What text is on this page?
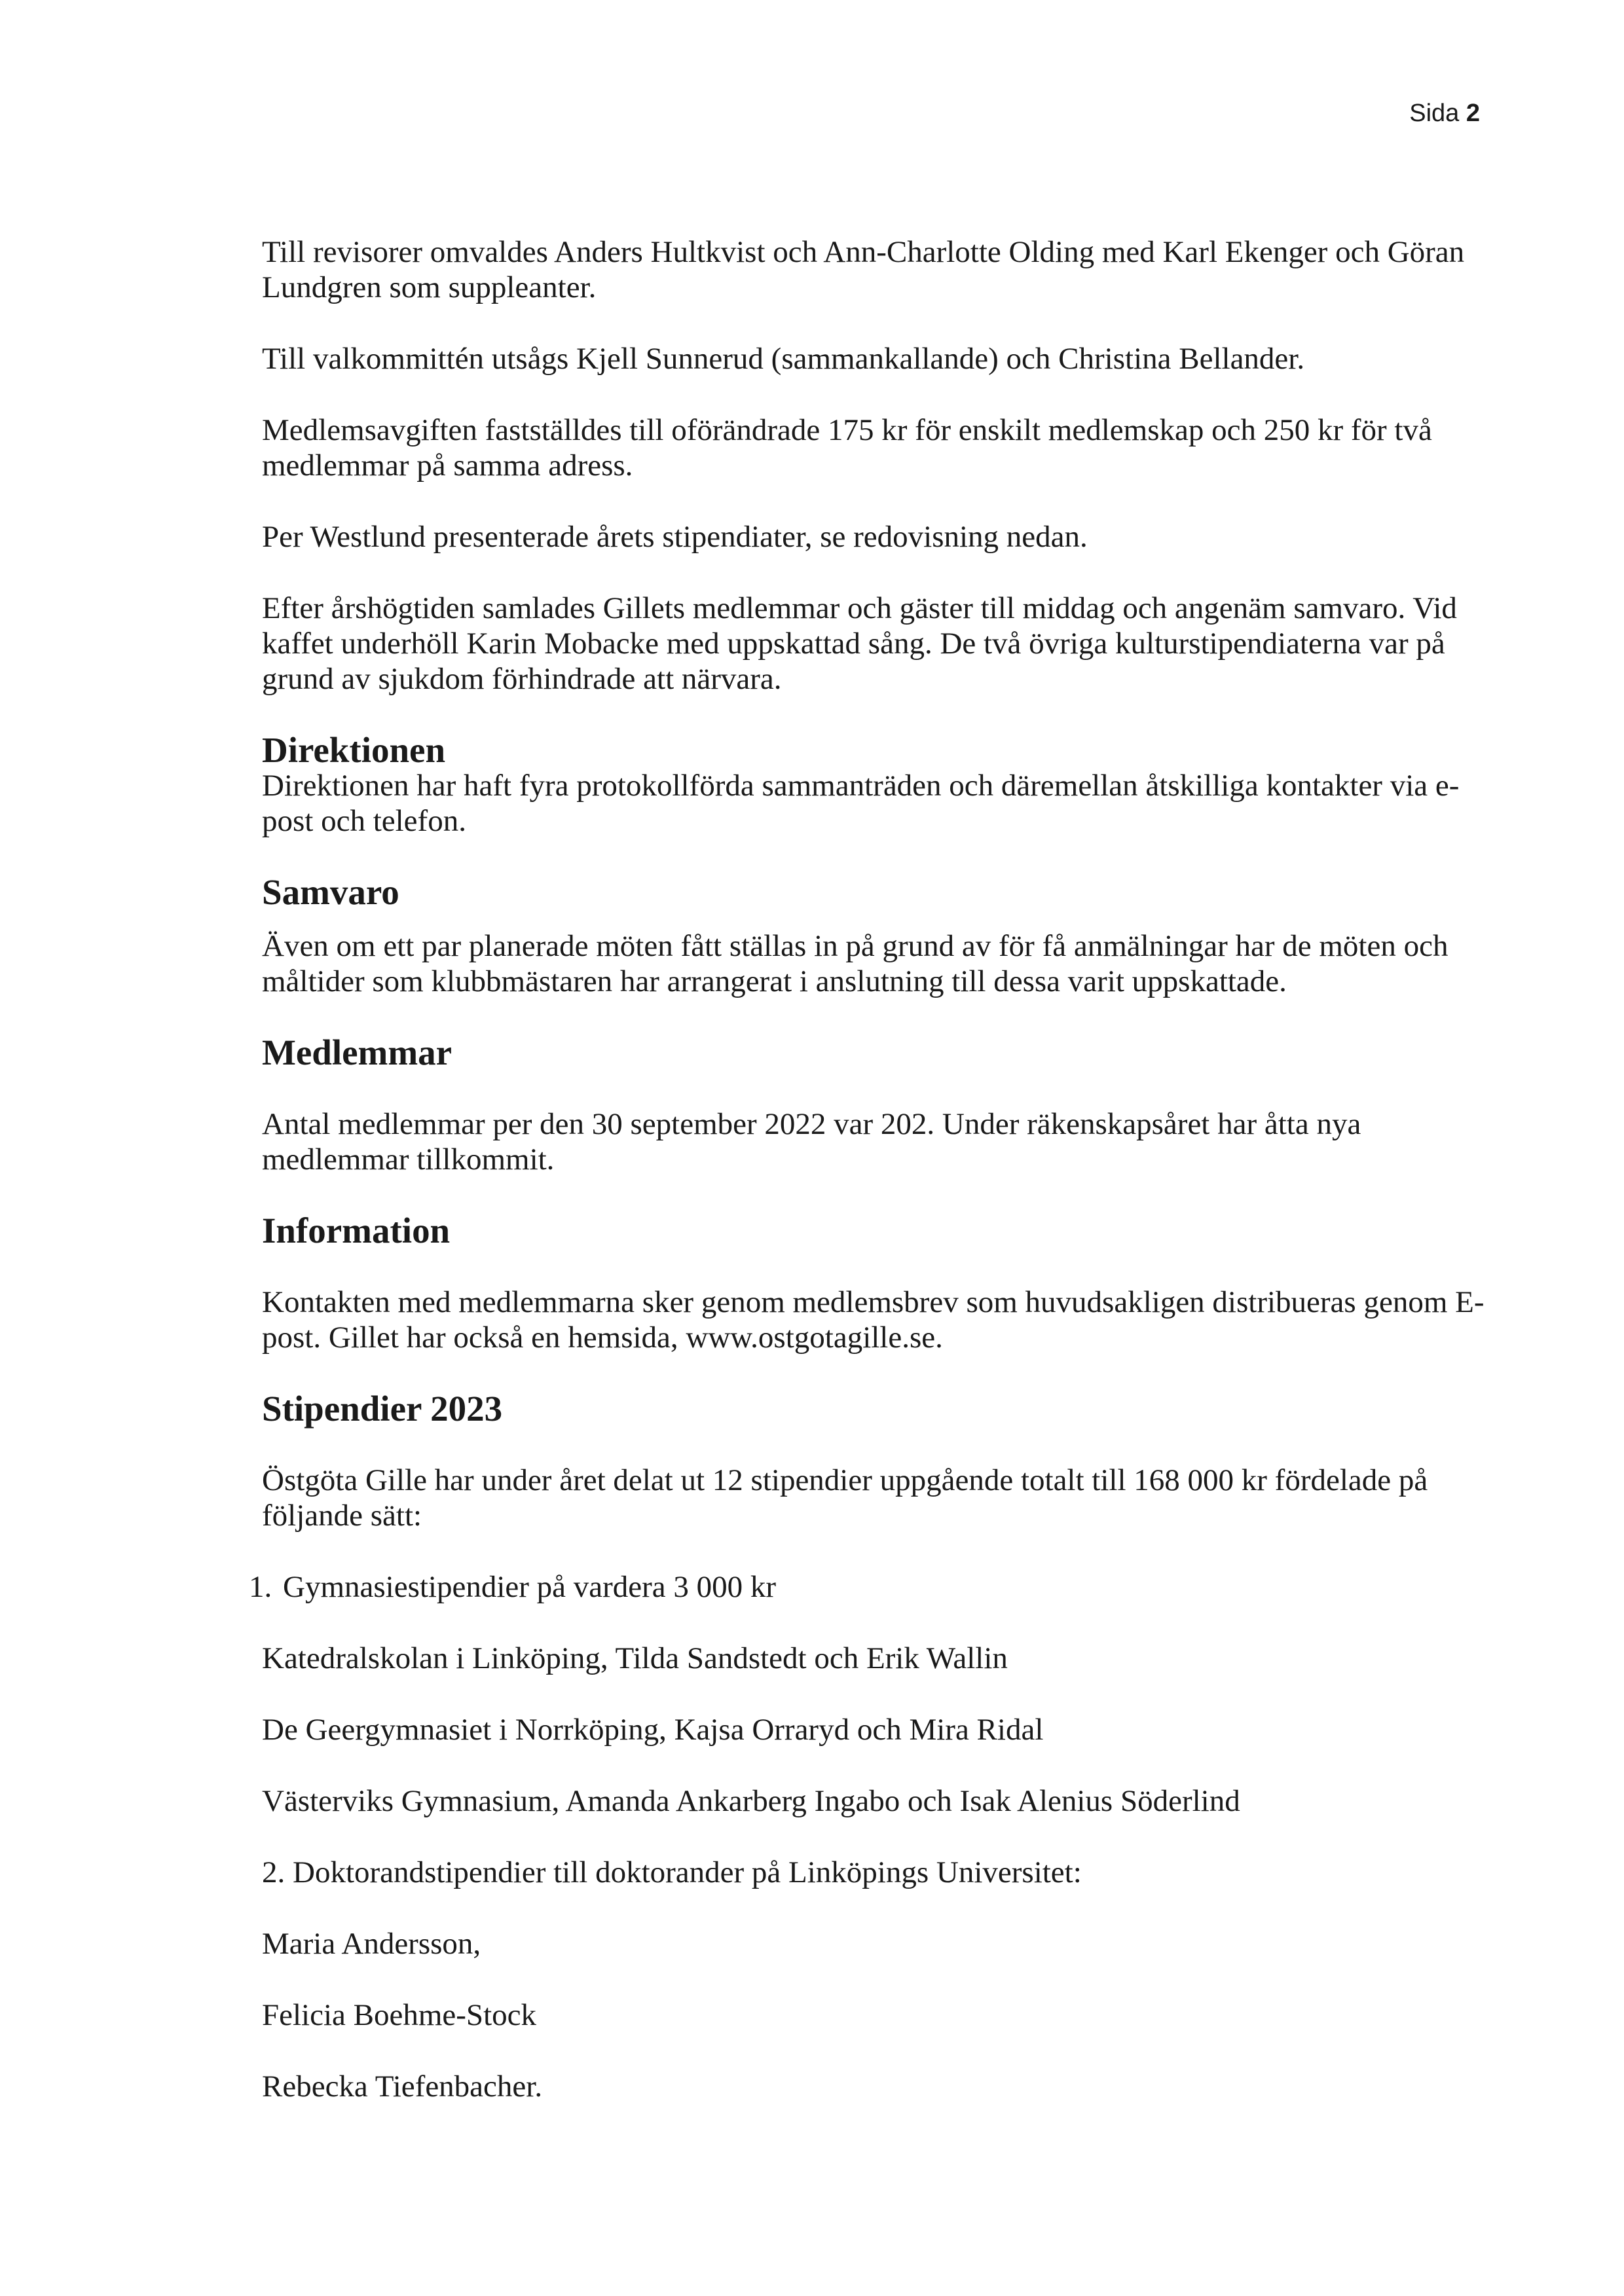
Sida 2

Till revisorer omvaldes Anders Hultkvist och Ann-Charlotte Olding med Karl Ekenger och Göran Lundgren som suppleanter.

Till valkommittén utsågs Kjell Sunnerud (sammankallande) och Christina Bellander.

Medlemsavgiften fastställdes till oförändrade 175 kr för enskilt medlemskap och 250 kr för två medlemmar på samma adress.

Per Westlund presenterade årets stipendiater, se redovisning nedan.

Efter årshögtiden samlades Gillets medlemmar och gäster till middag och angenäm samvaro. Vid kaffet underhöll Karin Mobacke med uppskattad sång. De två övriga kulturstipendiaterna var på grund av sjukdom förhindrade att närvara.

Direktionen

Direktionen har haft fyra protokollförda sammanträden och däremellan åtskilliga kontakter via e-post och telefon.

Samvaro

Även om ett par planerade möten fått ställas in på grund av för få anmälningar har de möten och måltider som klubbmästaren har arrangerat i anslutning till dessa varit uppskattade.

Medlemmar

Antal medlemmar per den 30 september 2022 var 202. Under räkenskapsåret har åtta nya medlemmar tillkommit.

Information

Kontakten med medlemmarna sker genom medlemsbrev som huvudsakligen distribueras genom E-post. Gillet har också en hemsida, www.ostgotagille.se.

Stipendier 2023

Östgöta Gille har under året delat ut 12 stipendier uppgående totalt till 168 000 kr fördelade på följande sätt:

1. Gymnasiestipendier på vardera 3 000 kr

Katedralskolan i Linköping, Tilda Sandstedt och Erik Wallin

De Geergymnasiet i Norrköping, Kajsa Orraryd och Mira Ridal

Västerviks Gymnasium, Amanda Ankarberg Ingabo och Isak Alenius Söderlind

2. Doktorandstipendier till doktorander på Linköpings Universitet:

Maria Andersson,

Felicia Boehme-Stock

Rebecka Tiefenbacher.
